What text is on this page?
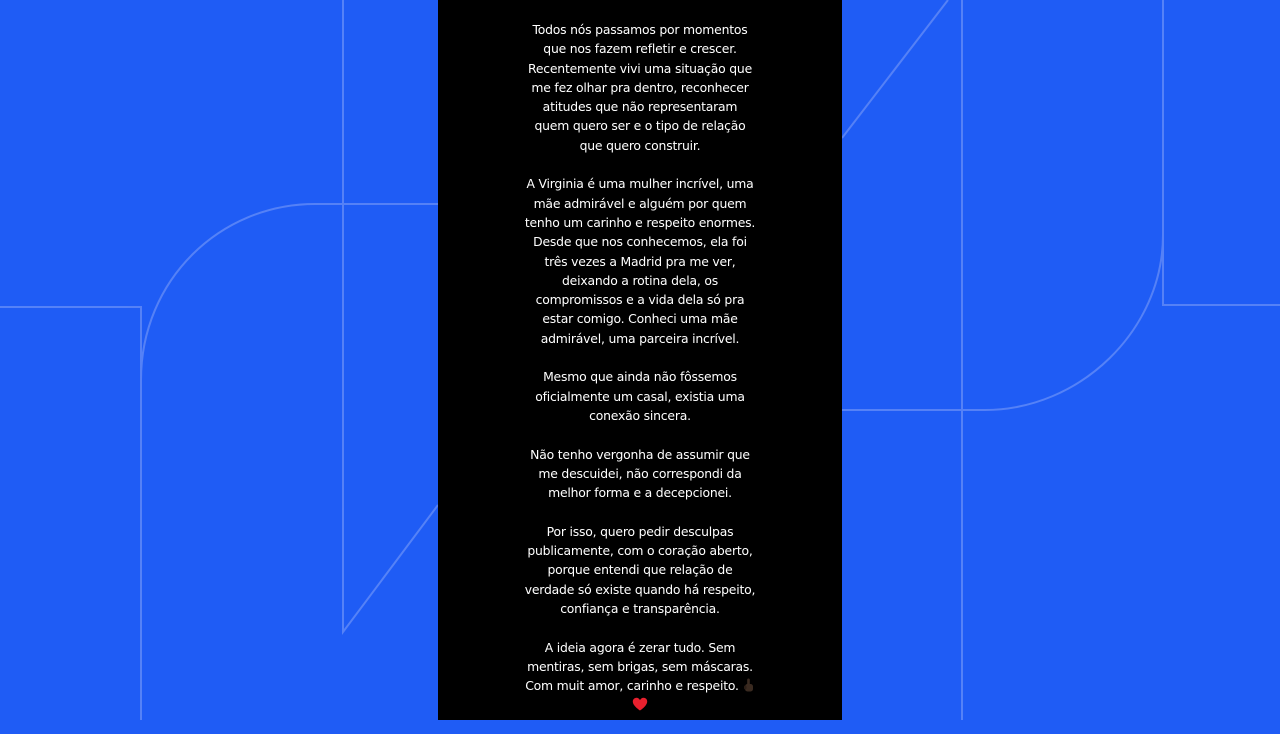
Todos nós passamos por momentos
que nos fazem refletir e crescer.
Recentemente vivi uma situação que
me fez olhar pra dentro, reconhecer
atitudes que não representaram
quem quero ser e o tipo de relação
que quero construir.
A Virginia é uma mulher incrível, uma
mãe admirável e alguém por quem
tenho um carinho e respeito enormes.
Desde que nos conhecemos, ela foi
três vezes a Madrid pra me ver,
deixando a rotina dela, os
compromissos e a vida dela só pra
estar comigo. Conheci uma mãe
admirável, uma parceira incrível.
Mesmo que ainda não fôssemos
oficialmente um casal, existia uma
conexão sincera.
Não tenho vergonha de assumir que
me descuidei, não correspondi da
melhor forma e a decepcionei.
Por isso, quero pedir desculpas
publicamente, com o coração aberto,
porque entendi que relação de
verdade só existe quando há respeito,
confiança e transparência.
A ideia agora é zerar tudo. Sem
mentiras, sem brigas, sem máscaras.
Com muit amor, carinho e respeito.
